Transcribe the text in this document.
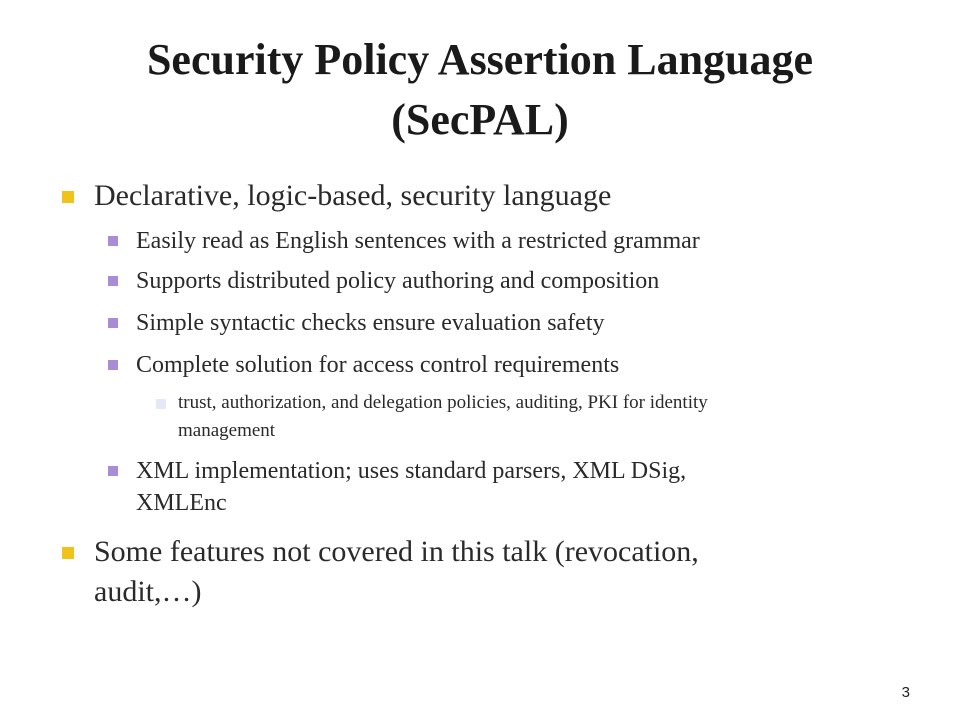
Security Policy Assertion Language
(SecPAL)
Declarative, logic-based, security language
Easily read as English sentences with a restricted grammar
Supports distributed policy authoring and composition
Simple syntactic checks ensure evaluation safety
Complete solution for access control requirements
trust, authorization, and delegation policies, auditing, PKI for identity
management
XML implementation; uses standard parsers, XML DSig,
XMLEnc
Some features not covered in this talk (revocation,
audit,…)
3
